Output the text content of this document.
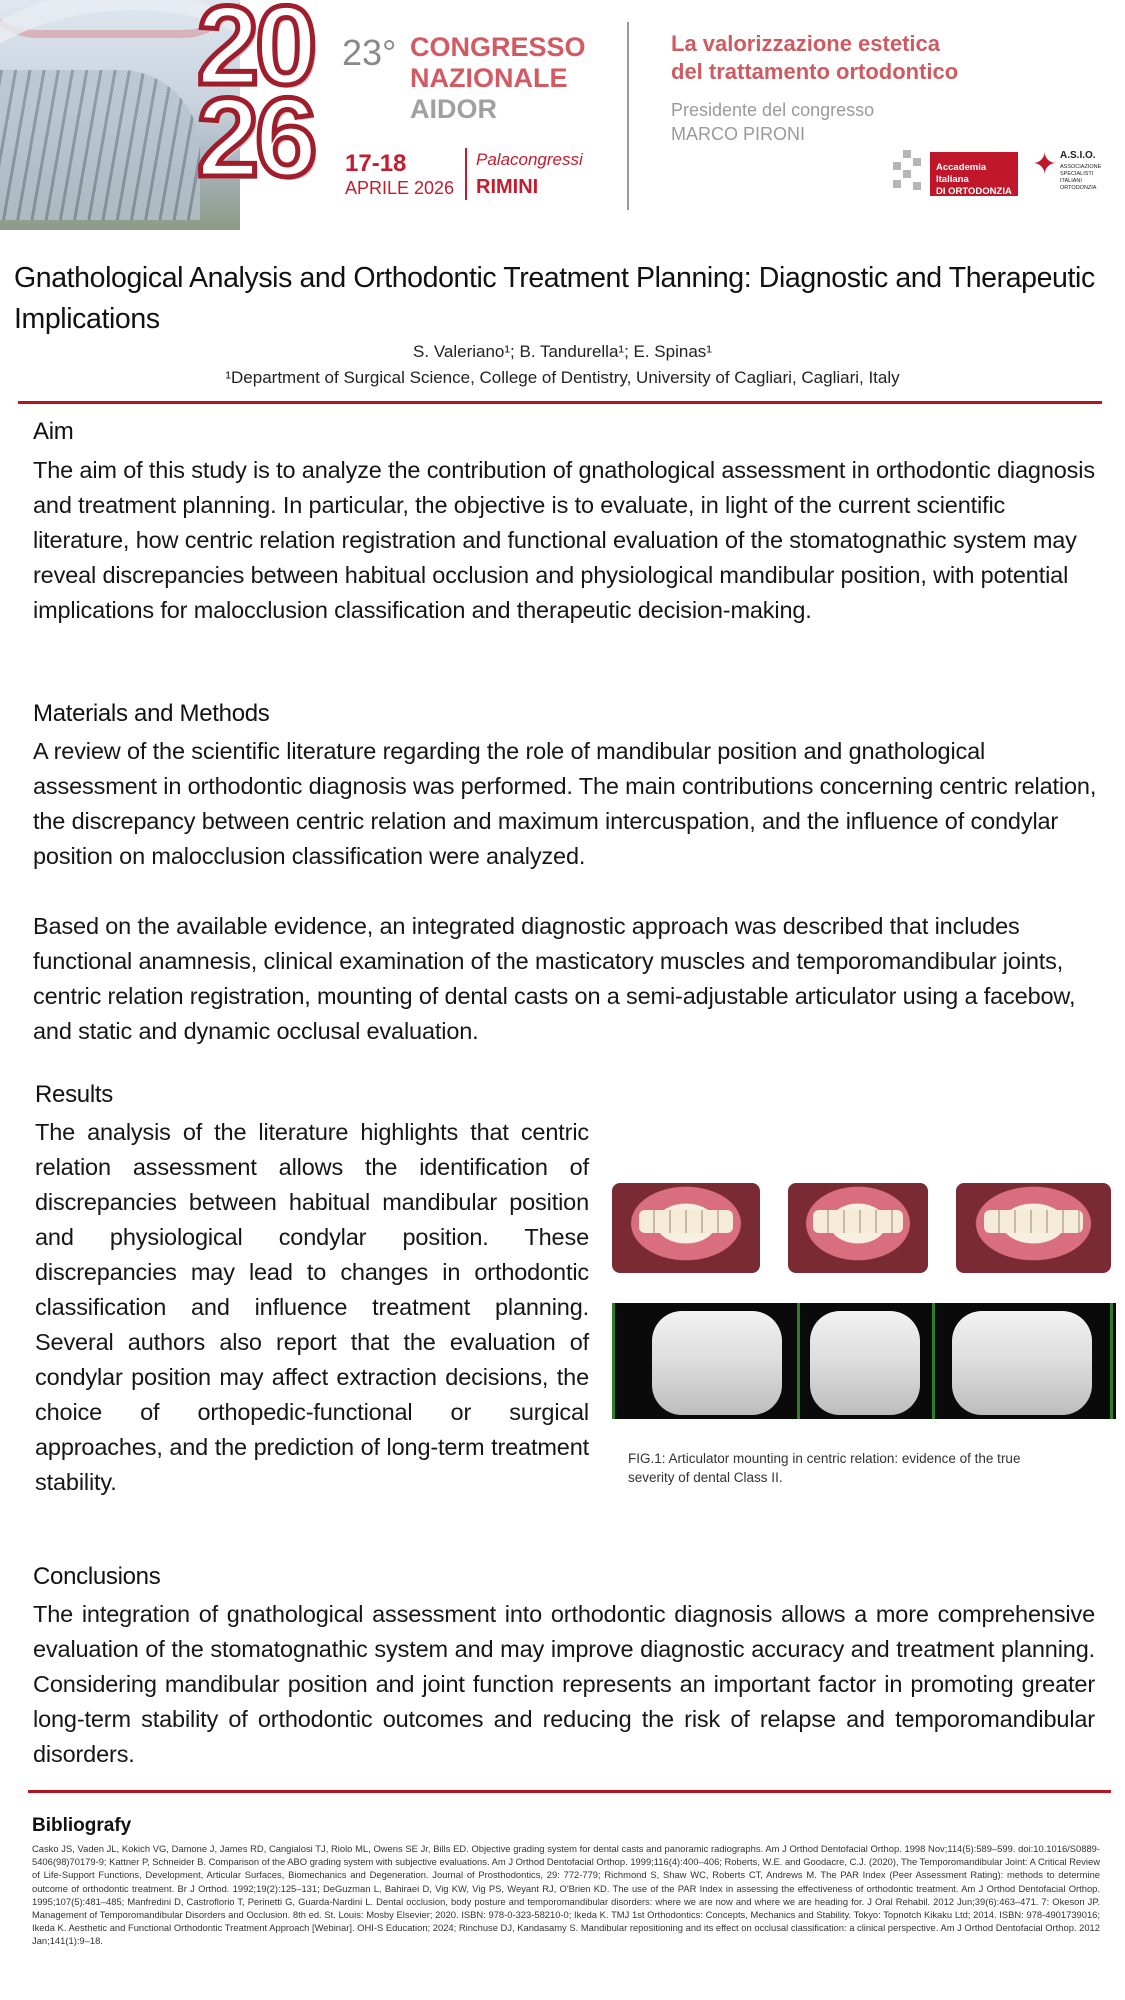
20
26
23° CONGRESSO
NAZIONALE
AIDOR
17-18
APRILE 2026
Palacongressi
RIMINI
La valorizzazione estetica
del trattamento ortodontico
Presidente del congresso
MARCO PIRONI
Accademia Italiana
DI ORTODONZIA
✦ A.S.I.O.
ASSOCIAZIONE SPECIALISTI ITALIANI ORTODONZIA
Gnathological Analysis and Orthodontic Treatment Planning: Diagnostic and Therapeutic Implications
S. Valeriano¹; B. Tandurella¹; E. Spinas¹
¹Department of Surgical Science, College of Dentistry, University of Cagliari, Cagliari, Italy
Aim

The aim of this study is to analyze the contribution of gnathological assessment in orthodontic diagnosis and treatment planning. In particular, the objective is to evaluate, in light of the current scientific literature, how centric relation registration and functional evaluation of the stomatognathic system may reveal discrepancies between habitual occlusion and physiological mandibular position, with potential implications for malocclusion classification and therapeutic decision-making.

Materials and Methods

A review of the scientific literature regarding the role of mandibular position and gnathological assessment in orthodontic diagnosis was performed. The main contributions concerning centric relation, the discrepancy between centric relation and maximum intercuspation, and the influence of condylar position on malocclusion classification were analyzed.

Based on the available evidence, an integrated diagnostic approach was described that includes functional anamnesis, clinical examination of the masticatory muscles and temporomandibular joints, centric relation registration, mounting of dental casts on a semi-adjustable articulator using a facebow, and static and dynamic occlusal evaluation.

Results

The analysis of the literature highlights that centric relation assessment allows the identification of discrepancies between habitual mandibular position and physiological condylar position. These discrepancies may lead to changes in orthodontic classification and influence treatment planning. Several authors also report that the evaluation of condylar position may affect extraction decisions, the choice of orthopedic-functional or surgical approaches, and the prediction of long-term treatment stability.

FIG.1: Articulator mounting in centric relation: evidence of the true severity of dental Class II.
Conclusions

The integration of gnathological assessment into orthodontic diagnosis allows a more comprehensive evaluation of the stomatognathic system and may improve diagnostic accuracy and treatment planning. Considering mandibular position and joint function represents an important factor in promoting greater long-term stability of orthodontic outcomes and reducing the risk of relapse and temporomandibular disorders.

Bibliografy

Casko JS, Vaden JL, Kokich VG, Damone J, James RD, Cangialosi TJ, Riolo ML, Owens SE Jr, Bills ED. Objective grading system for dental casts and panoramic radiographs. Am J Orthod Dentofacial Orthop. 1998 Nov;114(5):589–599. doi:10.1016/S0889-5406(98)70179-9; Kattner P, Schneider B. Comparison of the ABO grading system with subjective evaluations. Am J Orthod Dentofacial Orthop. 1999;116(4):400–406; Roberts, W.E. and Goodacre, C.J. (2020), The Temporomandibular Joint: A Critical Review of Life-Support Functions, Development, Articular Surfaces, Biomechanics and Degeneration. Journal of Prosthodontics, 29: 772-779; Richmond S, Shaw WC, Roberts CT, Andrews M. The PAR Index (Peer Assessment Rating): methods to determine outcome of orthodontic treatment. Br J Orthod. 1992;19(2):125–131; DeGuzman L, Bahiraei D, Vig KW, Vig PS, Weyant RJ, O'Brien KD. The use of the PAR Index in assessing the effectiveness of orthodontic treatment. Am J Orthod Dentofacial Orthop. 1995;107(5):481–485; Manfredini D, Castroflorio T, Perinetti G, Guarda-Nardini L. Dental occlusion, body posture and temporomandibular disorders: where we are now and where we are heading for. J Oral Rehabil. 2012 Jun;39(6):463–471. 7: Okeson JP. Management of Temporomandibular Disorders and Occlusion. 8th ed. St. Louis: Mosby Elsevier; 2020. ISBN: 978-0-323-58210-0; Ikeda K. TMJ 1st Orthodontics: Concepts, Mechanics and Stability. Tokyo: Topnotch Kikaku Ltd; 2014. ISBN: 978-4901739016; Ikeda K. Aesthetic and Functional Orthodontic Treatment Approach [Webinar]. OHI-S Education; 2024; Rinchuse DJ, Kandasamy S. Mandibular repositioning and its effect on occlusal classification: a clinical perspective. Am J Orthod Dentofacial Orthop. 2012 Jan;141(1):9–18.
